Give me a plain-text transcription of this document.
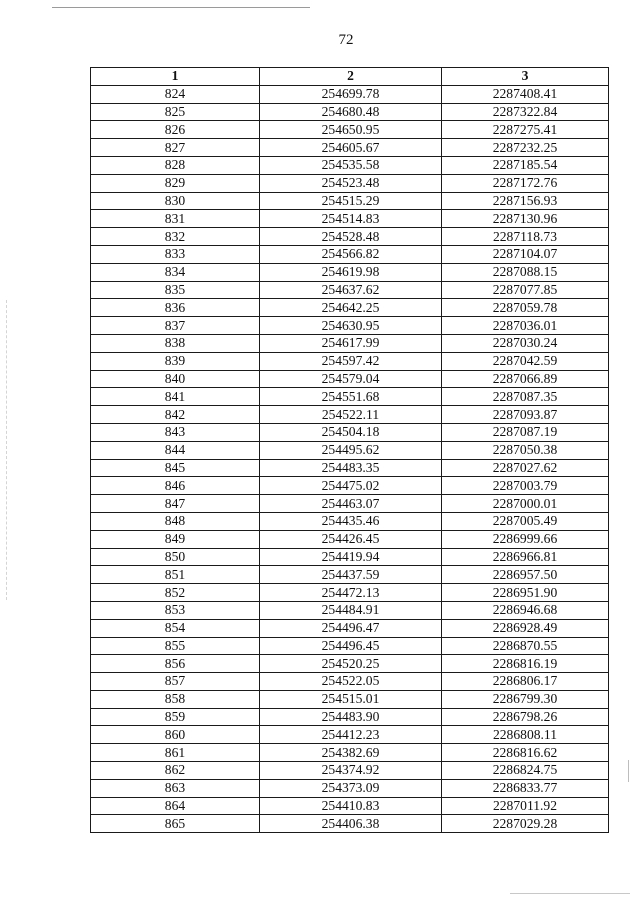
72
1	2	3
824	254699.78	2287408.41
825	254680.48	2287322.84
826	254650.95	2287275.41
827	254605.67	2287232.25
828	254535.58	2287185.54
829	254523.48	2287172.76
830	254515.29	2287156.93
831	254514.83	2287130.96
832	254528.48	2287118.73
833	254566.82	2287104.07
834	254619.98	2287088.15
835	254637.62	2287077.85
836	254642.25	2287059.78
837	254630.95	2287036.01
838	254617.99	2287030.24
839	254597.42	2287042.59
840	254579.04	2287066.89
841	254551.68	2287087.35
842	254522.11	2287093.87
843	254504.18	2287087.19
844	254495.62	2287050.38
845	254483.35	2287027.62
846	254475.02	2287003.79
847	254463.07	2287000.01
848	254435.46	2287005.49
849	254426.45	2286999.66
850	254419.94	2286966.81
851	254437.59	2286957.50
852	254472.13	2286951.90
853	254484.91	2286946.68
854	254496.47	2286928.49
855	254496.45	2286870.55
856	254520.25	2286816.19
857	254522.05	2286806.17
858	254515.01	2286799.30
859	254483.90	2286798.26
860	254412.23	2286808.11
861	254382.69	2286816.62
862	254374.92	2286824.75
863	254373.09	2286833.77
864	254410.83	2287011.92
865	254406.38	2287029.28
